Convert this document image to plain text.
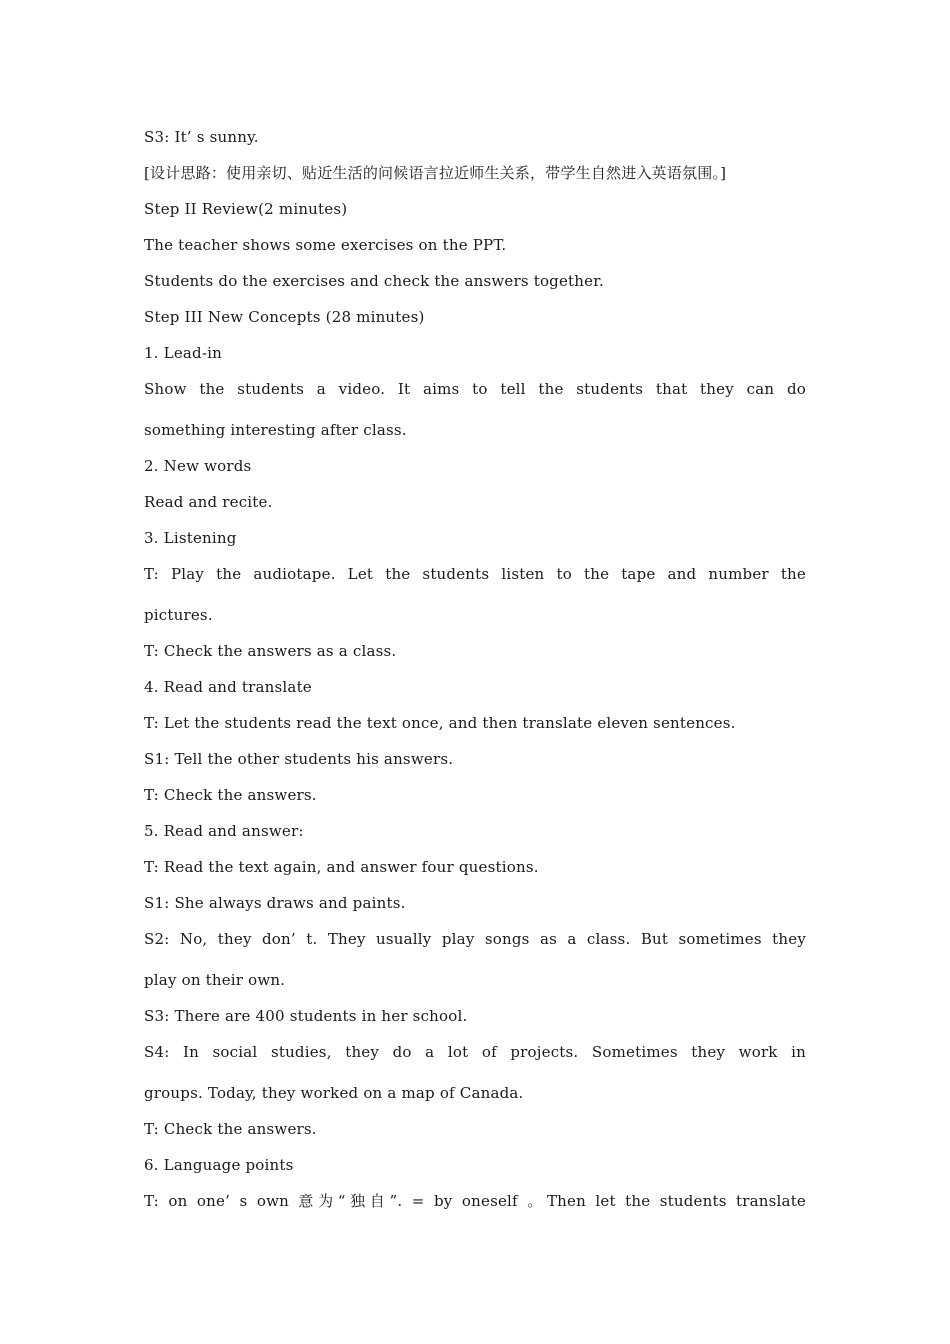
S3: It’ s sunny.
[设计思路：使用亲切、贴近生活的问候语言拉近师生关系，带学生自然进入英语氛围。]
Step II Review(2 minutes)
The teacher shows some exercises on the PPT.
Students do the exercises and check the answers together.
Step III New Concepts (28 minutes)
1. Lead-in
Show the students a video. It aims to tell the students that they can do
something interesting after class.
2. New words
Read and recite.
3. Listening
T: Play the audiotape. Let the students listen to the tape and number the
pictures.
T: Check the answers as a class.
4. Read and translate
T: Let the students read the text once, and then translate eleven sentences.
S1: Tell the other students his answers.
T: Check the answers.
5. Read and answer:
T: Read the text again, and answer four questions.
S1: She always draws and paints.
S2: No, they don’ t. They usually play songs as a class. But sometimes they
play on their own.
S3: There are 400 students in her school.
S4: In social studies, they do a lot of projects. Sometimes they work in
groups. Today, they worked on a map of Canada.
T: Check the answers.
6. Language points
T: on one’ s own 意为“独自”. = by oneself 。Then let the students translate
